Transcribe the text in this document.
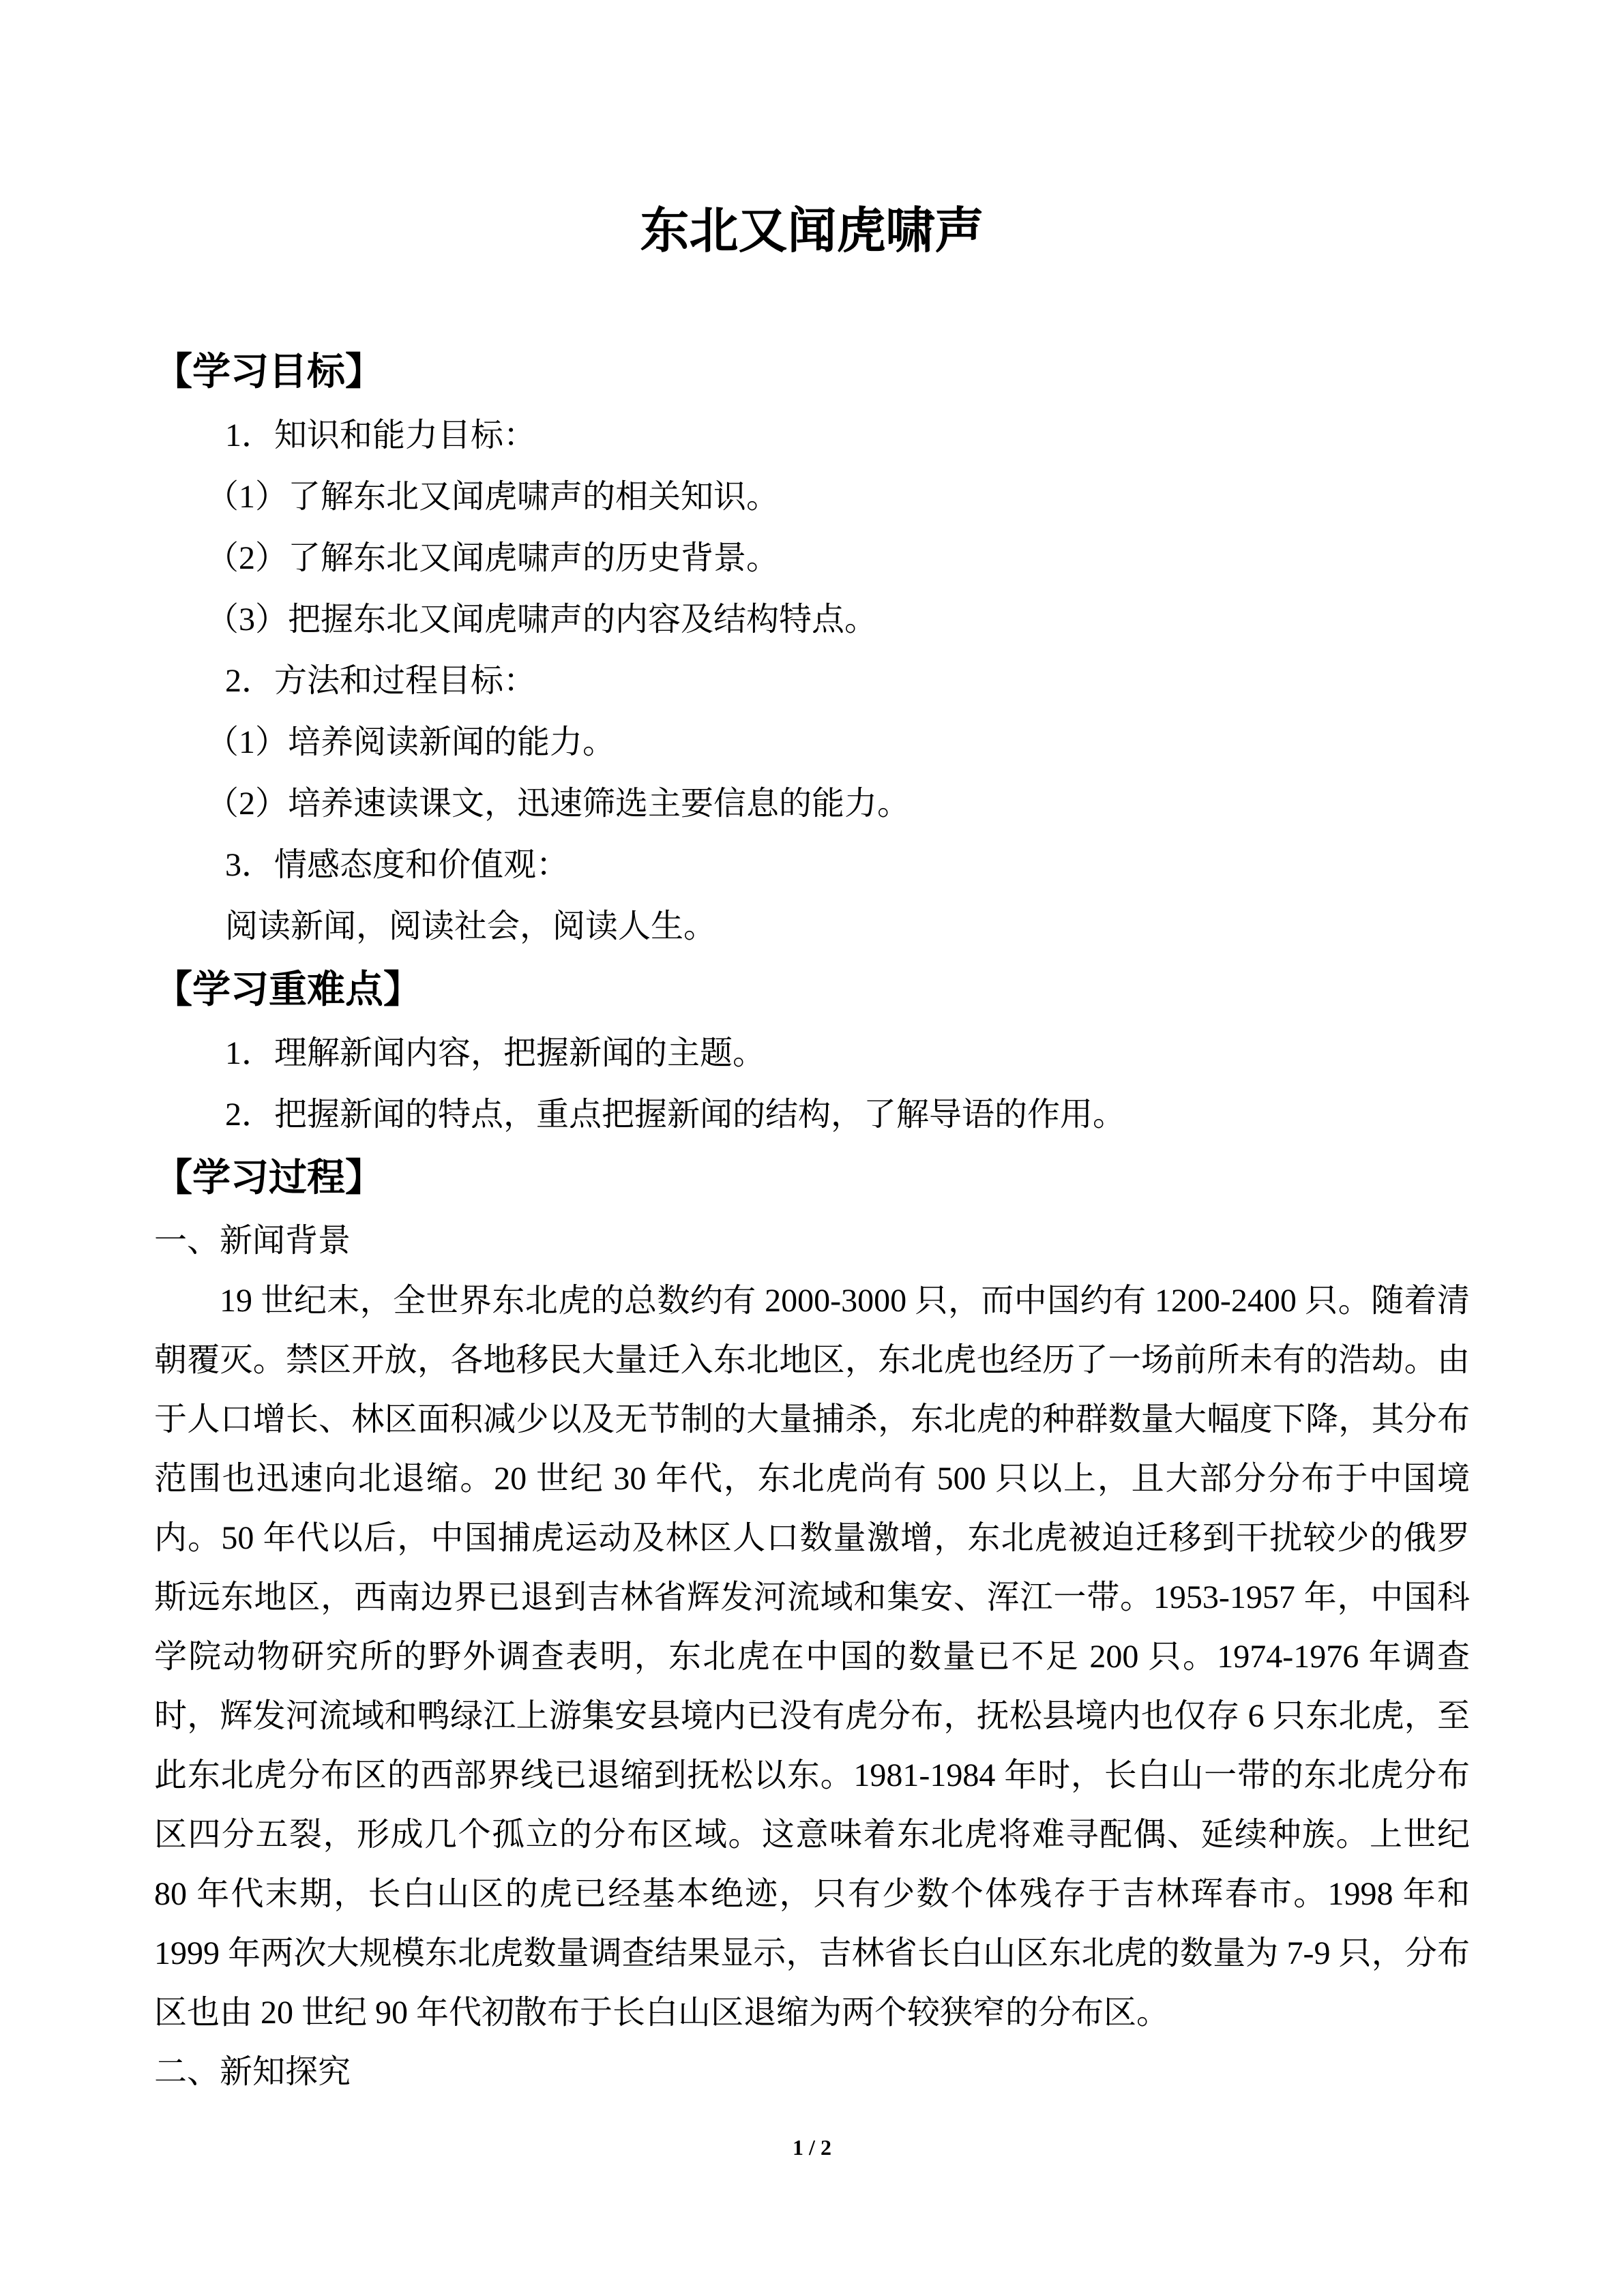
东北又闻虎啸声
【学习目标】

1．知识和能力目标：

（1）了解东北又闻虎啸声的相关知识。

（2）了解东北又闻虎啸声的历史背景。

（3）把握东北又闻虎啸声的内容及结构特点。

2．方法和过程目标：

（1）培养阅读新闻的能力。

（2）培养速读课文，迅速筛选主要信息的能力。

3．情感态度和价值观：

阅读新闻，阅读社会，阅读人生。

【学习重难点】

1．理解新闻内容，把握新闻的主题。

2．把握新闻的特点，重点把握新闻的结构，了解导语的作用。

【学习过程】

一、新闻背景

19 世纪末，全世界东北虎的总数约有 2000-3000 只，而中国约有 1200-2400 只。随着清朝覆灭。禁区开放，各地移民大量迁入东北地区，东北虎也经历了一场前所未有的浩劫。由于人口增长、林区面积减少以及无节制的大量捕杀，东北虎的种群数量大幅度下降，其分布范围也迅速向北退缩。20 世纪 30 年代，东北虎尚有 500 只以上，且大部分分布于中国境内。50 年代以后，中国捕虎运动及林区人口数量激增，东北虎被迫迁移到干扰较少的俄罗斯远东地区，西南边界已退到吉林省辉发河流域和集安、浑江一带。1953-1957 年，中国科学院动物研究所的野外调查表明，东北虎在中国的数量已不足 200 只。1974-1976 年调查时，辉发河流域和鸭绿江上游集安县境内已没有虎分布，抚松县境内也仅存 6 只东北虎，至此东北虎分布区的西部界线已退缩到抚松以东。1981-1984 年时，长白山一带的东北虎分布区四分五裂，形成几个孤立的分布区域。这意味着东北虎将难寻配偶、延续种族。上世纪 80 年代末期，长白山区的虎已经基本绝迹，只有少数个体残存于吉林珲春市。1998 年和 1999 年两次大规模东北虎数量调查结果显示，吉林省长白山区东北虎的数量为 7-9 只，分布区也由 20 世纪 90 年代初散布于长白山区退缩为两个较狭窄的分布区。

二、新知探究

1 / 2
